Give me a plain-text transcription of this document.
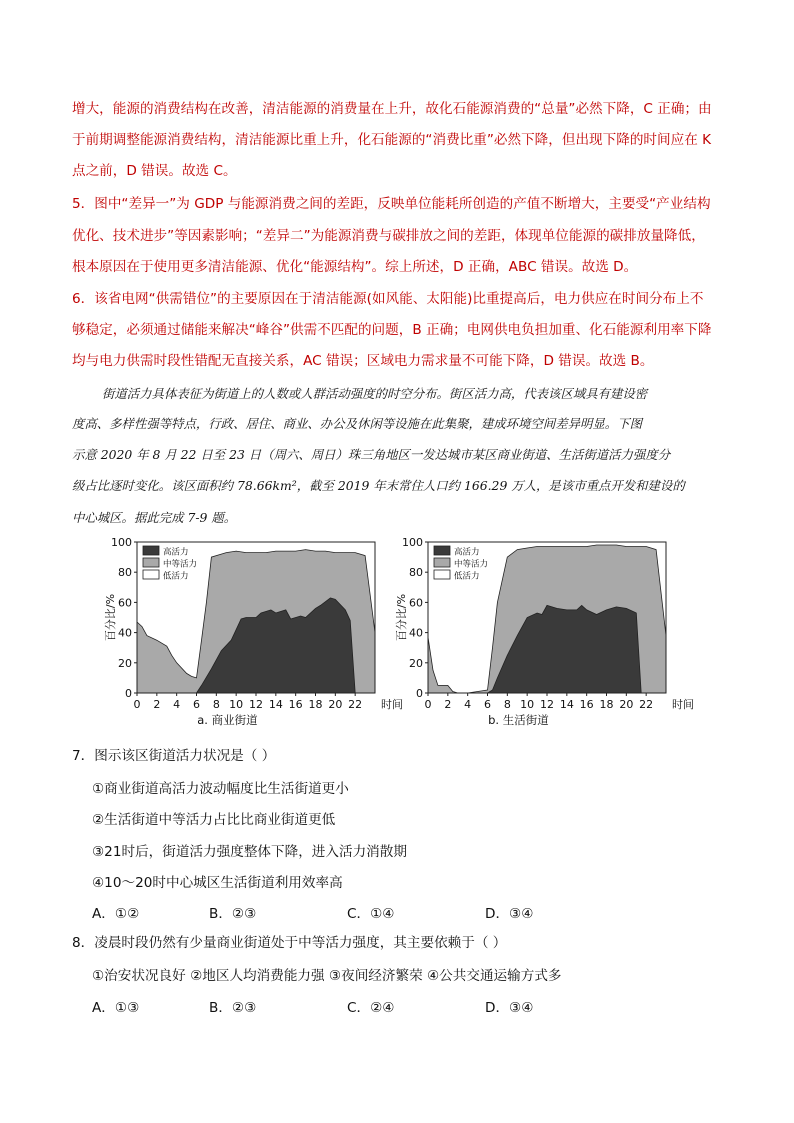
增大，能源的消费结构在改善，清洁能源的消费量在上升，故化石能源消费的“总量”必然下降，C 正确；由
于前期调整能源消费结构，清洁能源比重上升，化石能源的“消费比重”必然下降，但出现下降的时间应在 K
点之前，D 错误。故选 C。
5．图中“差异一”为 GDP 与能源消费之间的差距，反映单位能耗所创造的产值不断增大，主要受“产业结构
优化、技术进步”等因素影响；“差异二”为能源消费与碳排放之间的差距，体现单位能源的碳排放量降低，
根本原因在于使用更多清洁能源、优化“能源结构”。综上所述，D 正确，ABC 错误。故选 D。
6．该省电网“供需错位”的主要原因在于清洁能源(如风能、太阳能)比重提高后，电力供应在时间分布上不
够稳定，必须通过储能来解决“峰谷”供需不匹配的问题，B 正确；电网供电负担加重、化石能源利用率下降
均与电力供需时段性错配无直接关系，AC 错误；区域电力需求量不可能下降，D 错误。故选 B。
街道活力具体表征为街道上的人数或人群活动强度的时空分布。街区活力高，代表该区域具有建设密
度高、多样性强等特点，行政、居住、商业、办公及休闲等设施在此集聚，建成环境空间差异明显。下图
示意 2020 年 8 月 22 日至 23 日（周六、周日）珠三角地区一发达城市某区商业街道、生活街道活力强度分
级占比逐时变化。该区面积约 78.66km²，截至 2019 年末常住人口约 166.29 万人，是该市重点开发和建设的
中心城区。据此完成 7-9 题。
0
20
40
60
80
100
0 2 4 6 8 10 12 14 16 18 20 22 时间
百分比/%
a. 商业街道
高活力
中等活力
低活力
0
20
40
60
80
100
0 2 4 6 8 10 12 14 16 18 20 22 时间
百分比/%
b. 生活街道
高活力
中等活力
低活力
7．图示该区街道活力状况是（ ）
①商业街道高活力波动幅度比生活街道更小
②生活街道中等活力占比比商业街道更低
③21时后，街道活力强度整体下降，进入活力消散期
④10～20时中心城区生活街道利用效率高
A．①②	B．②③	C．①④	D．③④
8．凌晨时段仍然有少量商业街道处于中等活力强度，其主要依赖于（ ）
①治安状况良好 ②地区人均消费能力强 ③夜间经济繁荣 ④公共交通运输方式多
A．①③	B．②③	C．②④	D．③④
